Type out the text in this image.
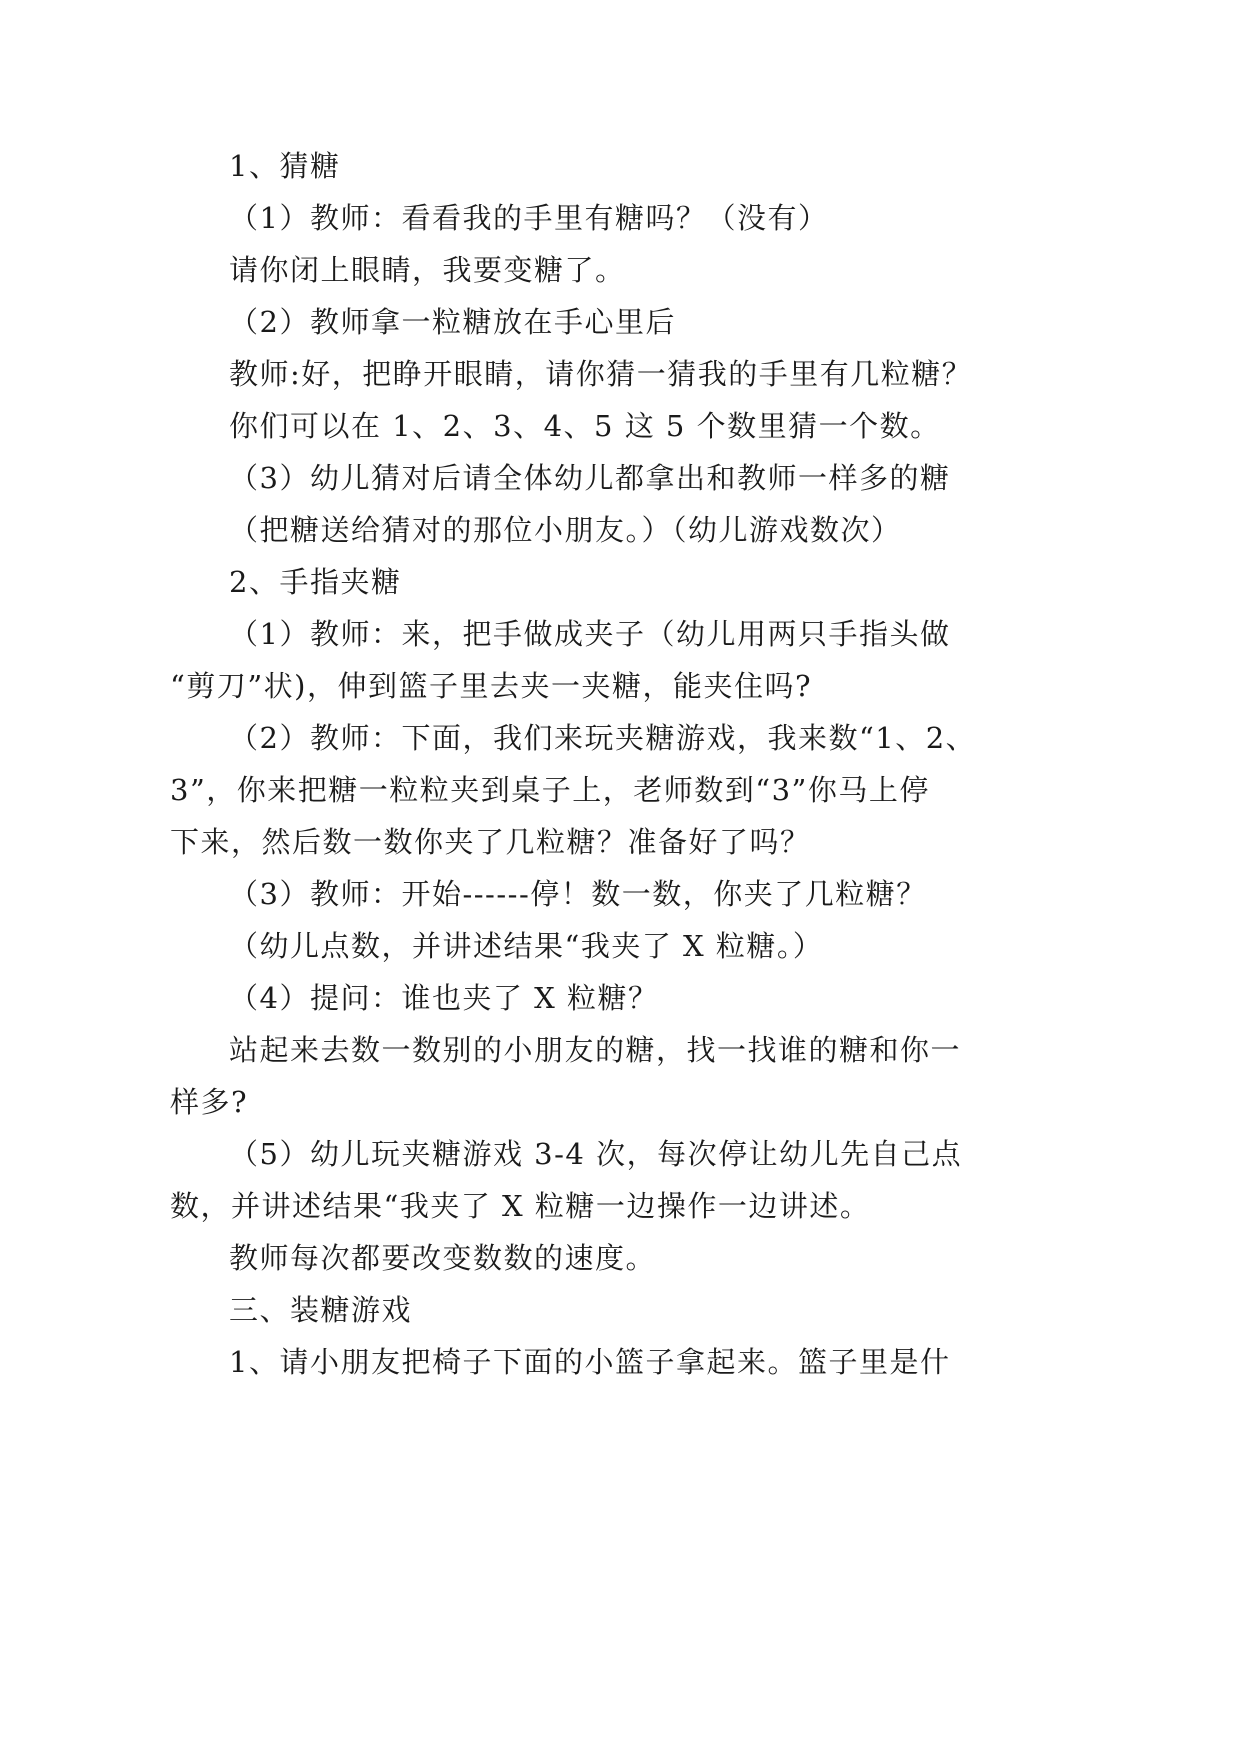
1、猜糖
（1）教师：看看我的手里有糖吗？（没有）
请你闭上眼睛，我要变糖了。
（2）教师拿一粒糖放在手心里后
教师:好，把睁开眼睛，请你猜一猜我的手里有几粒糖？
你们可以在 1、2、3、4、5 这 5 个数里猜一个数。
（3）幼儿猜对后请全体幼儿都拿出和教师一样多的糖
（把糖送给猜对的那位小朋友。）（幼儿游戏数次）
2、手指夹糖
（1）教师：来，把手做成夹子（幼儿用两只手指头做
“剪刀”状)，伸到篮子里去夹一夹糖，能夹住吗?
（2）教师：下面，我们来玩夹糖游戏，我来数“1、2、
3”，你来把糖一粒粒夹到桌子上，老师数到“3”你马上停
下来，然后数一数你夹了几粒糖？准备好了吗？
（3）教师：开始------停！数一数，你夹了几粒糖？
（幼儿点数，并讲述结果“我夹了 X 粒糖。）
（4）提问：谁也夹了 X 粒糖？
站起来去数一数别的小朋友的糖，找一找谁的糖和你一
样多?
（5）幼儿玩夹糖游戏 3-4 次，每次停让幼儿先自己点
数，并讲述结果“我夹了 X 粒糖一边操作一边讲述。
教师每次都要改变数数的速度。
三、装糖游戏
1、请小朋友把椅子下面的小篮子拿起来。篮子里是什
